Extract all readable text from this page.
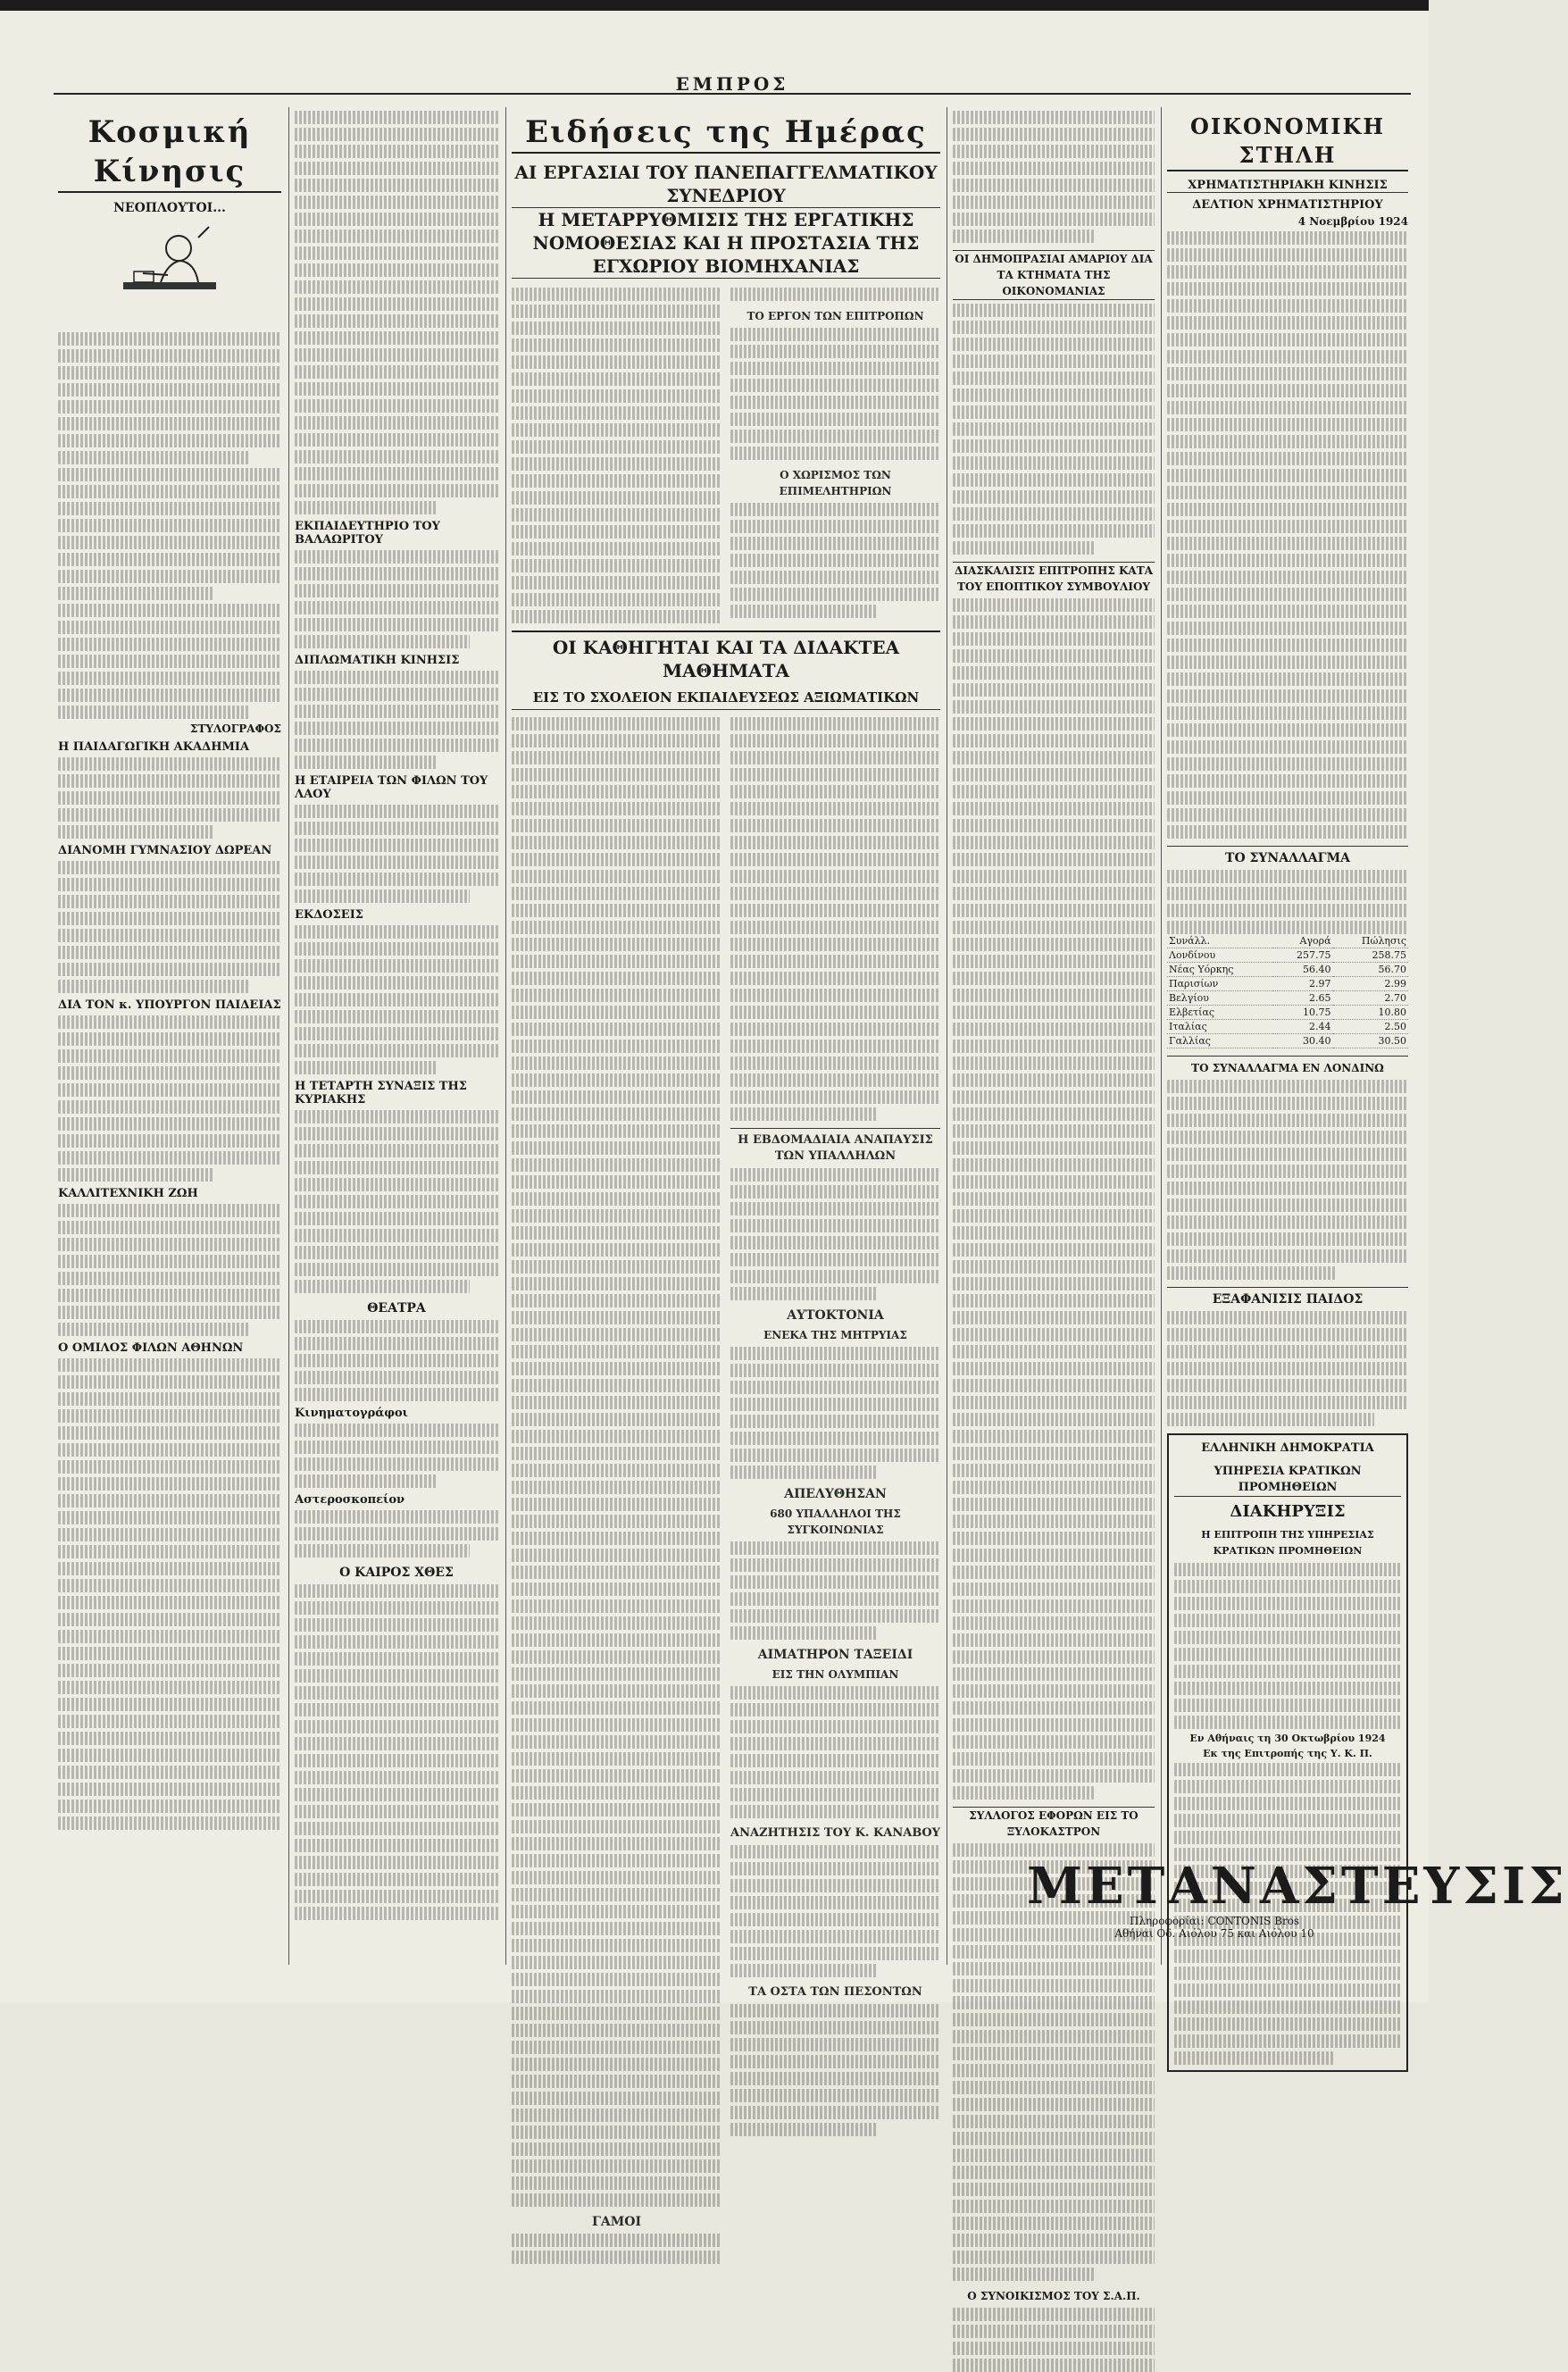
ΕΜΠΡΟΣ
Κοσμική Κίνησις
ΝΕΟΠΛΟΥΤΟΙ...
ΣΤΥΛΟΓΡΑΦΟΣ
Η ΠΑΙΔΑΓΩΓΙΚΗ ΑΚΑΔΗΜΙΑ
ΔΙΑΝΟΜΗ ΓΥΜΝΑΣΙΟΥ ΔΩΡΕΑΝ
ΔΙΑ ΤΟΝ κ. ΥΠΟΥΡΓΟΝ ΠΑΙΔΕΙΑΣ
ΚΑΛΛΙΤΕΧΝΙΚΗ ΖΩΗ
Ο ΟΜΙΛΟΣ ΦΙΛΩΝ ΑΘΗΝΩΝ
ΕΚΠΑΙΔΕΥΤΗΡΙΟ ΤΟΥ ΒΑΛΑΩΡΙΤΟΥ
ΔΙΠΛΩΜΑΤΙΚΗ ΚΙΝΗΣΙΣ
Η ΕΤΑΙΡΕΙΑ ΤΩΝ ΦΙΛΩΝ ΤΟΥ ΛΑΟΥ
ΕΚΔΟΣΕΙΣ
Η ΤΕΤΑΡΤΗ ΣΥΝΑΞΙΣ ΤΗΣ ΚΥΡΙΑΚΗΣ
ΘΕΑΤΡΑ
Κινηματογράφοι
Αστεροσκοπείον
Ο ΚΑΙΡΟΣ ΧΘΕΣ
Ειδήσεις της Ημέρας
ΑΙ ΕΡΓΑΣΙΑΙ ΤΟΥ ΠΑΝΕΠΑΓΓΕΛΜΑΤΙΚΟΥ ΣΥΝΕΔΡΙΟΥ
Η ΜΕΤΑΡΡΥΘΜΙΣΙΣ ΤΗΣ ΕΡΓΑΤΙΚΗΣ ΝΟΜΟΘΕΣΙΑΣ ΚΑΙ Η ΠΡΟΣΤΑΣΙΑ ΤΗΣ ΕΓΧΩΡΙΟΥ ΒΙΟΜΗΧΑΝΙΑΣ
ΤΟ ΕΡΓΟΝ ΤΩΝ ΕΠΙΤΡΟΠΩΝ
Ο ΧΩΡΙΣΜΟΣ ΤΩΝ ΕΠΙΜΕΛΗΤΗΡΙΩΝ
ΟΙ ΚΑΘΗΓΗΤΑΙ ΚΑΙ ΤΑ ΔΙΔΑΚΤΕΑ ΜΑΘΗΜΑΤΑ
ΕΙΣ ΤΟ ΣΧΟΛΕΙΟΝ ΕΚΠΑΙΔΕΥΣΕΩΣ ΑΞΙΩΜΑΤΙΚΩΝ
ΓΑΜΟΙ
Η ΕΒΔΟΜΑΔΙΑΙΑ ΑΝΑΠΑΥΣΙΣ ΤΩΝ ΥΠΑΛΛΗΛΩΝ
ΑΥΤΟΚΤΟΝΙΑ
ΕΝΕΚΑ ΤΗΣ ΜΗΤΡΥΙΑΣ
ΑΠΕΛΥΘΗΣΑΝ
680 ΥΠΑΛΛΗΛΟΙ ΤΗΣ ΣΥΓΚΟΙΝΩΝΙΑΣ
ΑΙΜΑΤΗΡΟΝ ΤΑΞΕΙΔΙ
ΕΙΣ ΤΗΝ ΟΛΥΜΠΙΑΝ
ΑΝΑΖΗΤΗΣΙΣ ΤΟΥ Κ. ΚΑΝΑΒΟΥ
ΤΑ ΟΣΤΑ ΤΩΝ ΠΕΣΟΝΤΩΝ
ΟΙ ΔΗΜΟΠΡΑΣΙΑΙ ΑΜΑΡΙΟΥ ΔΙΑ ΤΑ ΚΤΗΜΑΤΑ ΤΗΣ ΟΙΚΟΝΟΜΑΝΙΑΣ
ΔΙΑΣΚΑΛΙΣΙΣ ΕΠΙΤΡΟΠΗΣ ΚΑΤΑ ΤΟΥ ΕΠΟΠΤΙΚΟΥ ΣΥΜΒΟΥΛΙΟΥ
ΣΥΛΛΟΓΟΣ ΕΦΟΡΩΝ ΕΙΣ ΤΟ ΞΥΛΟΚΑΣΤΡΟΝ
Ο ΣΥΝΟΙΚΙΣΜΟΣ ΤΟΥ Σ.Α.Π.
ΟΙΚΟΝΟΜΙΚΗ ΣΤΗΛΗ
ΧΡΗΜΑΤΙΣΤΗΡΙΑΚΗ ΚΙΝΗΣΙΣ
ΔΕΛΤΙΟΝ ΧΡΗΜΑΤΙΣΤΗΡΙΟΥ
4 Νοεμβρίου 1924
ΤΟ ΣΥΝΑΛΛΑΓΜΑ
Συνάλλ.	Αγορά	Πώλησις
Λονδίνου	257.75	258.75
Νέας Υόρκης	56.40	56.70
Παρισίων	2.97	2.99
Βελγίου	2.65	2.70
Ελβετίας	10.75	10.80
Ιταλίας	2.44	2.50
Γαλλίας	30.40	30.50
ΤΟ ΣΥΝΑΛΛΑΓΜΑ ΕΝ ΛΟΝΔΙΝΩ
ΕΞΑΦΑΝΙΣΙΣ ΠΑΙΔΟΣ
ΕΛΛΗΝΙΚΗ ΔΗΜΟΚΡΑΤΙΑ
ΥΠΗΡΕΣΙΑ ΚΡΑΤΙΚΩΝ ΠΡΟΜΗΘΕΙΩΝ
ΔΙΑΚΗΡΥΞΙΣ
Η ΕΠΙΤΡΟΠΗ ΤΗΣ ΥΠΗΡΕΣΙΑΣ ΚΡΑΤΙΚΩΝ ΠΡΟΜΗΘΕΙΩΝ
Εν Αθήναις τη 30 Οκτωβρίου 1924
Εκ της Επιτροπής της Υ. Κ. Π.
ΜΕΤΑΝΑΣΤΕΥΣΙΣ
Πληροφορίαι: CONTONIS Bros
Αθήναι Οδ. Αιόλου 75 και Αιόλου 10
